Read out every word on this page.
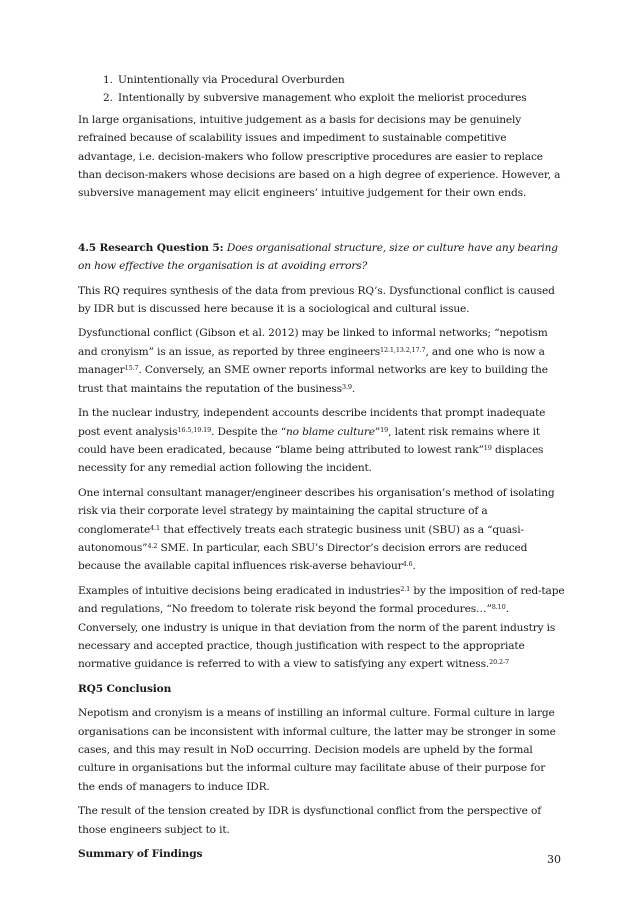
1. Unintentionally via Procedural Overburden
2. Intentionally by subversive management who exploit the meliorist procedures

In large organisations, intuitive judgement as a basis for decisions may be genuinely refrained because of scalability issues and impediment to sustainable competitive advantage, i.e. decision-makers who follow prescriptive procedures are easier to replace than decison-makers whose decisions are based on a high degree of experience. However, a subversive management may elicit engineers’ intuitive judgement for their own ends.

4.5 Research Question 5: Does organisational structure, size or culture have any bearing on how effective the organisation is at avoiding errors?

This RQ requires synthesis of the data from previous RQ’s. Dysfunctional conflict is caused by IDR but is discussed here because it is a sociological and cultural issue.

Dysfunctional conflict (Gibson et al. 2012) may be linked to informal networks; “nepotism and cronyism” is an issue, as reported by three engineers$^{12.1,13.2,17.7}$, and one who is now a manager$^{15.7}$. Conversely, an SME owner reports informal networks are key to building the trust that maintains the reputation of the business$^{3.9}$.

In the nuclear industry, independent accounts describe incidents that prompt inadequate post event analysis$^{16.5,19.19}$. Despite the “no blame culture”$^{19}$, latent risk remains where it could have been eradicated, because “blame being attributed to lowest rank”$^{19}$ displaces necessity for any remedial action following the incident.

One internal consultant manager/engineer describes his organisation’s method of isolating risk via their corporate level strategy by maintaining the capital structure of a conglomerate$^{4.1}$ that effectively treats each strategic business unit (SBU) as a “quasi-autonomous”$^{4.2}$ SME. In particular, each SBU’s Director’s decision errors are reduced because the available capital influences risk-averse behaviour$^{4.6}$.

Examples of intuitive decisions being eradicated in industries$^{2.1}$ by the imposition of red-tape and regulations, “No freedom to tolerate risk beyond the formal procedures…”$^{8.10}$. Conversely, one industry is unique in that deviation from the norm of the parent industry is necessary and accepted practice, though justification with respect to the appropriate normative guidance is referred to with a view to satisfying any expert witness.$^{20.2-7}$

RQ5 Conclusion

Nepotism and cronyism is a means of instilling an informal culture. Formal culture in large organisations can be inconsistent with informal culture, the latter may be stronger in some cases, and this may result in NoD occurring. Decision models are upheld by the formal culture in organisations but the informal culture may facilitate abuse of their purpose for the ends of managers to induce IDR.

The result of the tension created by IDR is dysfunctional conflict from the perspective of those engineers subject to it.

Summary of Findings	30
